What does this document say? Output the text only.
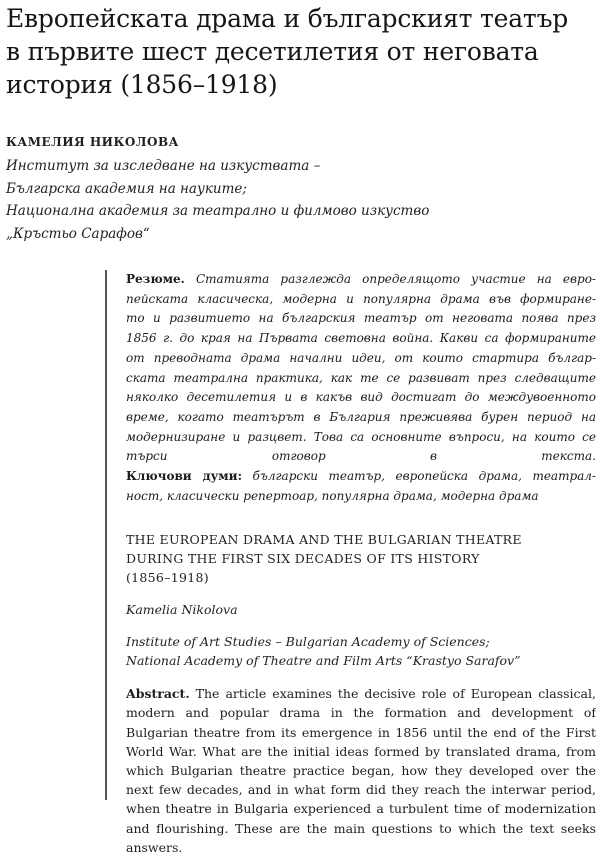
Европейската драма и българският театър
в първите шест десетилетия от неговата
история (1856–1918)
КАМЕЛИЯ НИКОЛОВА
Институт за изследване на изкуствата –
Българска академия на науките;
Национална академия за театрално и филмово изкуство
„Кръстьо Сарафов“
Резюме. Статията разглежда определящото участие на евро-
пейската класическа, модерна и популярна драма във формиране-
то и развитието на българския театър от неговата поява през
1856 г. до края на Първата световна война. Какви са формираните
от преводната драма начални идеи, от които стартира българ-
ската театрална практика, как те се развиват през следващите
няколко десетилетия и в какъв вид достигат до междувоенното
време, когато театърът в България преживява бурен период на
модернизиране и разцвет. Това са основните въпроси, на които се
търси отговор в текста.
Ключови думи: български театър, европейска драма, театрал-
ност, класически репертоар, популярна драма, модерна драма
THE EUROPEAN DRAMA AND THE BULGARIAN THEATRE
DURING THE FIRST SIX DECADES OF ITS HISTORY
(1856–1918)
Kamelia Nikolova
Institute of Art Studies – Bulgarian Academy of Sciences;
National Academy of Theatre and Film Arts “Krastyo Sarafov”
Abstract. The article examines the decisive role of European classical,
modern and popular drama in the formation and development of
Bulgarian theatre from its emergence in 1856 until the end of the First
World War. What are the initial ideas formed by translated drama, from
which Bulgarian theatre practice began, how they developed over the
next few decades, and in what form did they reach the interwar period,
when theatre in Bulgaria experienced a turbulent time of modernization
and flourishing. These are the main questions to which the text seeks
answers.
